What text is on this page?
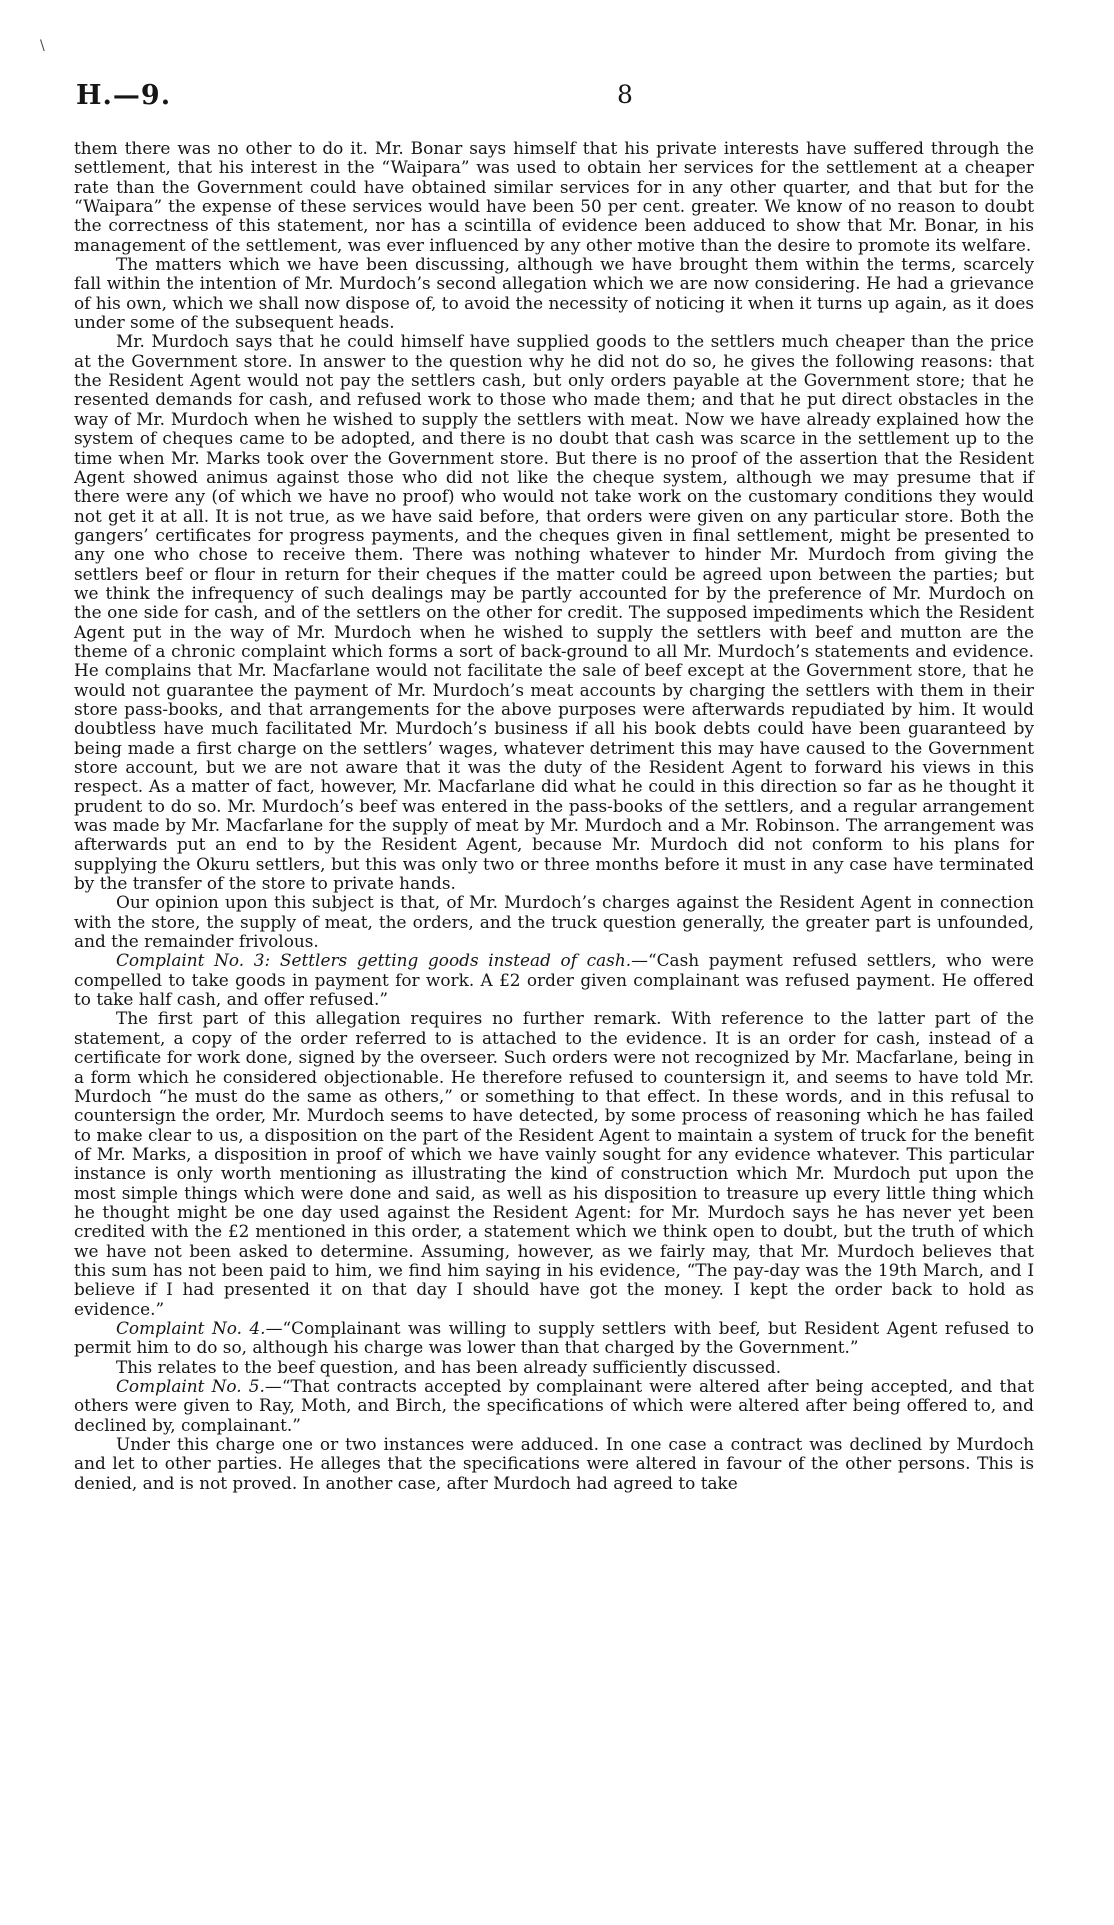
\
H.—9.	8

them there was no other to do it. Mr. Bonar says himself that his private interests have suffered through the settlement, that his interest in the “Waipara” was used to obtain her services for the settlement at a cheaper rate than the Government could have obtained similar services for in any other quarter, and that but for the “Waipara” the expense of these services would have been 50 per cent. greater. We know of no reason to doubt the correctness of this statement, nor has a scintilla of evidence been adduced to show that Mr. Bonar, in his management of the settlement, was ever influenced by any other motive than the desire to promote its welfare.

The matters which we have been discussing, although we have brought them within the terms, scarcely fall within the intention of Mr. Murdoch’s second allegation which we are now considering. He had a grievance of his own, which we shall now dispose of, to avoid the necessity of noticing it when it turns up again, as it does under some of the subsequent heads.

Mr. Murdoch says that he could himself have supplied goods to the settlers much cheaper than the price at the Government store. In answer to the question why he did not do so, he gives the following reasons: that the Resident Agent would not pay the settlers cash, but only orders payable at the Government store; that he resented demands for cash, and refused work to those who made them; and that he put direct obstacles in the way of Mr. Murdoch when he wished to supply the settlers with meat. Now we have already explained how the system of cheques came to be adopted, and there is no doubt that cash was scarce in the settlement up to the time when Mr. Marks took over the Government store. But there is no proof of the assertion that the Resident Agent showed animus against those who did not like the cheque system, although we may presume that if there were any (of which we have no proof) who would not take work on the customary conditions they would not get it at all. It is not true, as we have said before, that orders were given on any particular store. Both the gangers’ certificates for progress payments, and the cheques given in final settlement, might be presented to any one who chose to receive them. There was nothing whatever to hinder Mr. Murdoch from giving the settlers beef or flour in return for their cheques if the matter could be agreed upon between the parties; but we think the infrequency of such dealings may be partly accounted for by the preference of Mr. Murdoch on the one side for cash, and of the settlers on the other for credit. The supposed impediments which the Resident Agent put in the way of Mr. Murdoch when he wished to supply the settlers with beef and mutton are the theme of a chronic complaint which forms a sort of back-ground to all Mr. Murdoch’s statements and evidence. He complains that Mr. Macfarlane would not facilitate the sale of beef except at the Government store, that he would not guarantee the payment of Mr. Murdoch’s meat accounts by charging the settlers with them in their store pass-books, and that arrangements for the above purposes were afterwards repudiated by him. It would doubtless have much facilitated Mr. Murdoch’s business if all his book debts could have been guaranteed by being made a first charge on the settlers’ wages, whatever detriment this may have caused to the Government store account, but we are not aware that it was the duty of the Resident Agent to forward his views in this respect. As a matter of fact, however, Mr. Macfarlane did what he could in this direction so far as he thought it prudent to do so. Mr. Murdoch’s beef was entered in the pass-books of the settlers, and a regular arrangement was made by Mr. Macfarlane for the supply of meat by Mr. Murdoch and a Mr. Robinson. The arrangement was afterwards put an end to by the Resident Agent, because Mr. Murdoch did not conform to his plans for supplying the Okuru settlers, but this was only two or three months before it must in any case have terminated by the transfer of the store to private hands.

Our opinion upon this subject is that, of Mr. Murdoch’s charges against the Resident Agent in connection with the store, the supply of meat, the orders, and the truck question generally, the greater part is unfounded, and the remainder frivolous.

Complaint No. 3: Settlers getting goods instead of cash.—“Cash payment refused settlers, who were compelled to take goods in payment for work. A £2 order given complainant was refused payment. He offered to take half cash, and offer refused.”

The first part of this allegation requires no further remark. With reference to the latter part of the statement, a copy of the order referred to is attached to the evidence. It is an order for cash, instead of a certificate for work done, signed by the overseer. Such orders were not recognized by Mr. Macfarlane, being in a form which he considered objectionable. He therefore refused to countersign it, and seems to have told Mr. Murdoch “he must do the same as others,” or something to that effect. In these words, and in this refusal to countersign the order, Mr. Murdoch seems to have detected, by some process of reasoning which he has failed to make clear to us, a disposition on the part of the Resident Agent to maintain a system of truck for the benefit of Mr. Marks, a disposition in proof of which we have vainly sought for any evidence whatever. This particular instance is only worth mentioning as illustrating the kind of construction which Mr. Murdoch put upon the most simple things which were done and said, as well as his disposition to treasure up every little thing which he thought might be one day used against the Resident Agent: for Mr. Murdoch says he has never yet been credited with the £2 mentioned in this order, a statement which we think open to doubt, but the truth of which we have not been asked to determine. Assuming, however, as we fairly may, that Mr. Murdoch believes that this sum has not been paid to him, we find him saying in his evidence, “The pay-day was the 19th March, and I believe if I had presented it on that day I should have got the money. I kept the order back to hold as evidence.”

Complaint No. 4.—“Complainant was willing to supply settlers with beef, but Resident Agent refused to permit him to do so, although his charge was lower than that charged by the Government.”

This relates to the beef question, and has been already sufficiently discussed.

Complaint No. 5.—“That contracts accepted by complainant were altered after being accepted, and that others were given to Ray, Moth, and Birch, the specifications of which were altered after being offered to, and declined by, complainant.”

Under this charge one or two instances were adduced. In one case a contract was declined by Murdoch and let to other parties. He alleges that the specifications were altered in favour of the other persons. This is denied, and is not proved. In another case, after Murdoch had agreed to take
